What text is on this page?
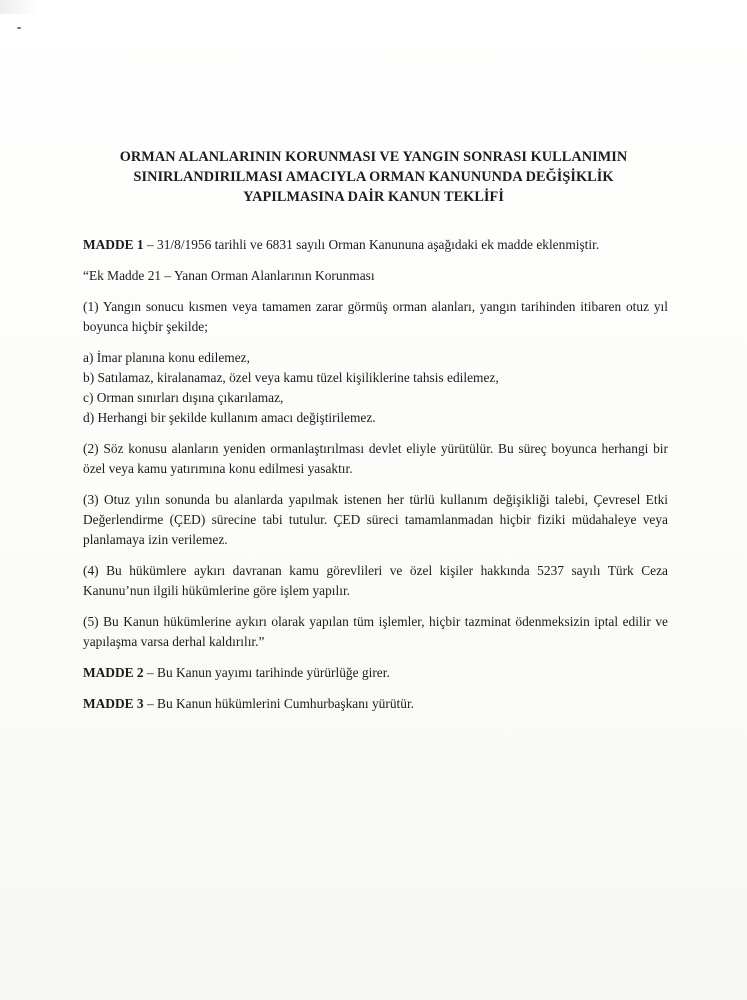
ORMAN ALANLARININ KORUNMASI VE YANGIN SONRASI KULLANIMIN
SINIRLANDIRILMASI AMACIYLA ORMAN KANUNUNDA DEĞİŞİKLİK
YAPILMASINA DAİR KANUN TEKLİFİ

MADDE 1 – 31/8/1956 tarihli ve 6831 sayılı Orman Kanununa aşağıdaki ek madde eklenmiştir.

“Ek Madde 21 – Yanan Orman Alanlarının Korunması

(1) Yangın sonucu kısmen veya tamamen zarar görmüş orman alanları, yangın tarihinden itibaren otuz yıl boyunca hiçbir şekilde;

a) İmar planına konu edilemez,
b) Satılamaz, kiralanamaz, özel veya kamu tüzel kişiliklerine tahsis edilemez,
c) Orman sınırları dışına çıkarılamaz,
d) Herhangi bir şekilde kullanım amacı değiştirilemez.

(2) Söz konusu alanların yeniden ormanlaştırılması devlet eliyle yürütülür. Bu süreç boyunca herhangi bir özel veya kamu yatırımına konu edilmesi yasaktır.

(3) Otuz yılın sonunda bu alanlarda yapılmak istenen her türlü kullanım değişikliği talebi, Çevresel Etki Değerlendirme (ÇED) sürecine tabi tutulur. ÇED süreci tamamlanmadan hiçbir fiziki müdahaleye veya planlamaya izin verilemez.

(4) Bu hükümlere aykırı davranan kamu görevlileri ve özel kişiler hakkında 5237 sayılı Türk Ceza Kanunu’nun ilgili hükümlerine göre işlem yapılır.

(5) Bu Kanun hükümlerine aykırı olarak yapılan tüm işlemler, hiçbir tazminat ödenmeksizin iptal edilir ve yapılaşma varsa derhal kaldırılır.”

MADDE 2 – Bu Kanun yayımı tarihinde yürürlüğe girer.

MADDE 3 – Bu Kanun hükümlerini Cumhurbaşkanı yürütür.
